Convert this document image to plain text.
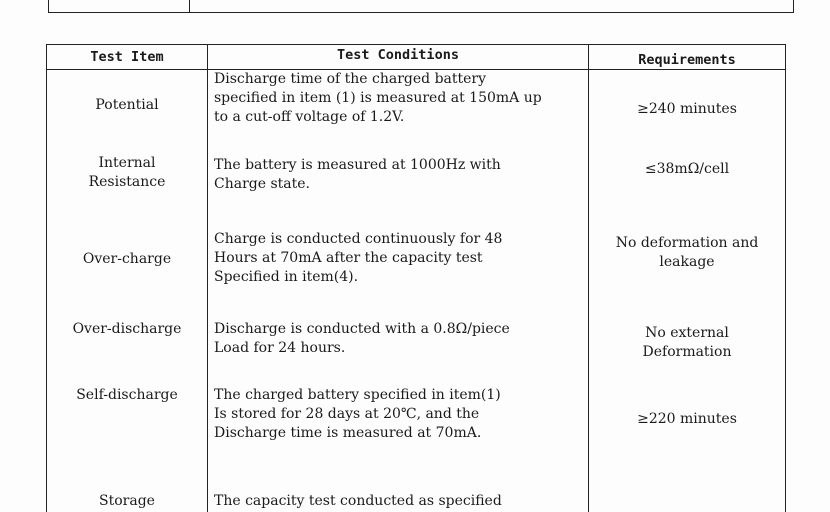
Test Item	Test Conditions	Requirements

Potential	Discharge time of the charged battery
specified in item (1) is measured at 150mA up
to a cut-off voltage of 1.2V.	≥240 minutes

Internal
Resistance	The battery is measured at 1000Hz with
Charge state.	≤38mΩ/cell

Over-charge	Charge is conducted continuously for 48
Hours at 70mA after the capacity test
Specified in item(4).	No deformation and
leakage

Over-discharge	Discharge is conducted with a 0.8Ω/piece
Load for 24 hours.	No external
Deformation

Self-discharge	The charged battery specified in item(1)
Is stored for 28 days at 20℃, and the
Discharge time is measured at 70mA.	≥220 minutes

Storage	The capacity test conducted as specified	
